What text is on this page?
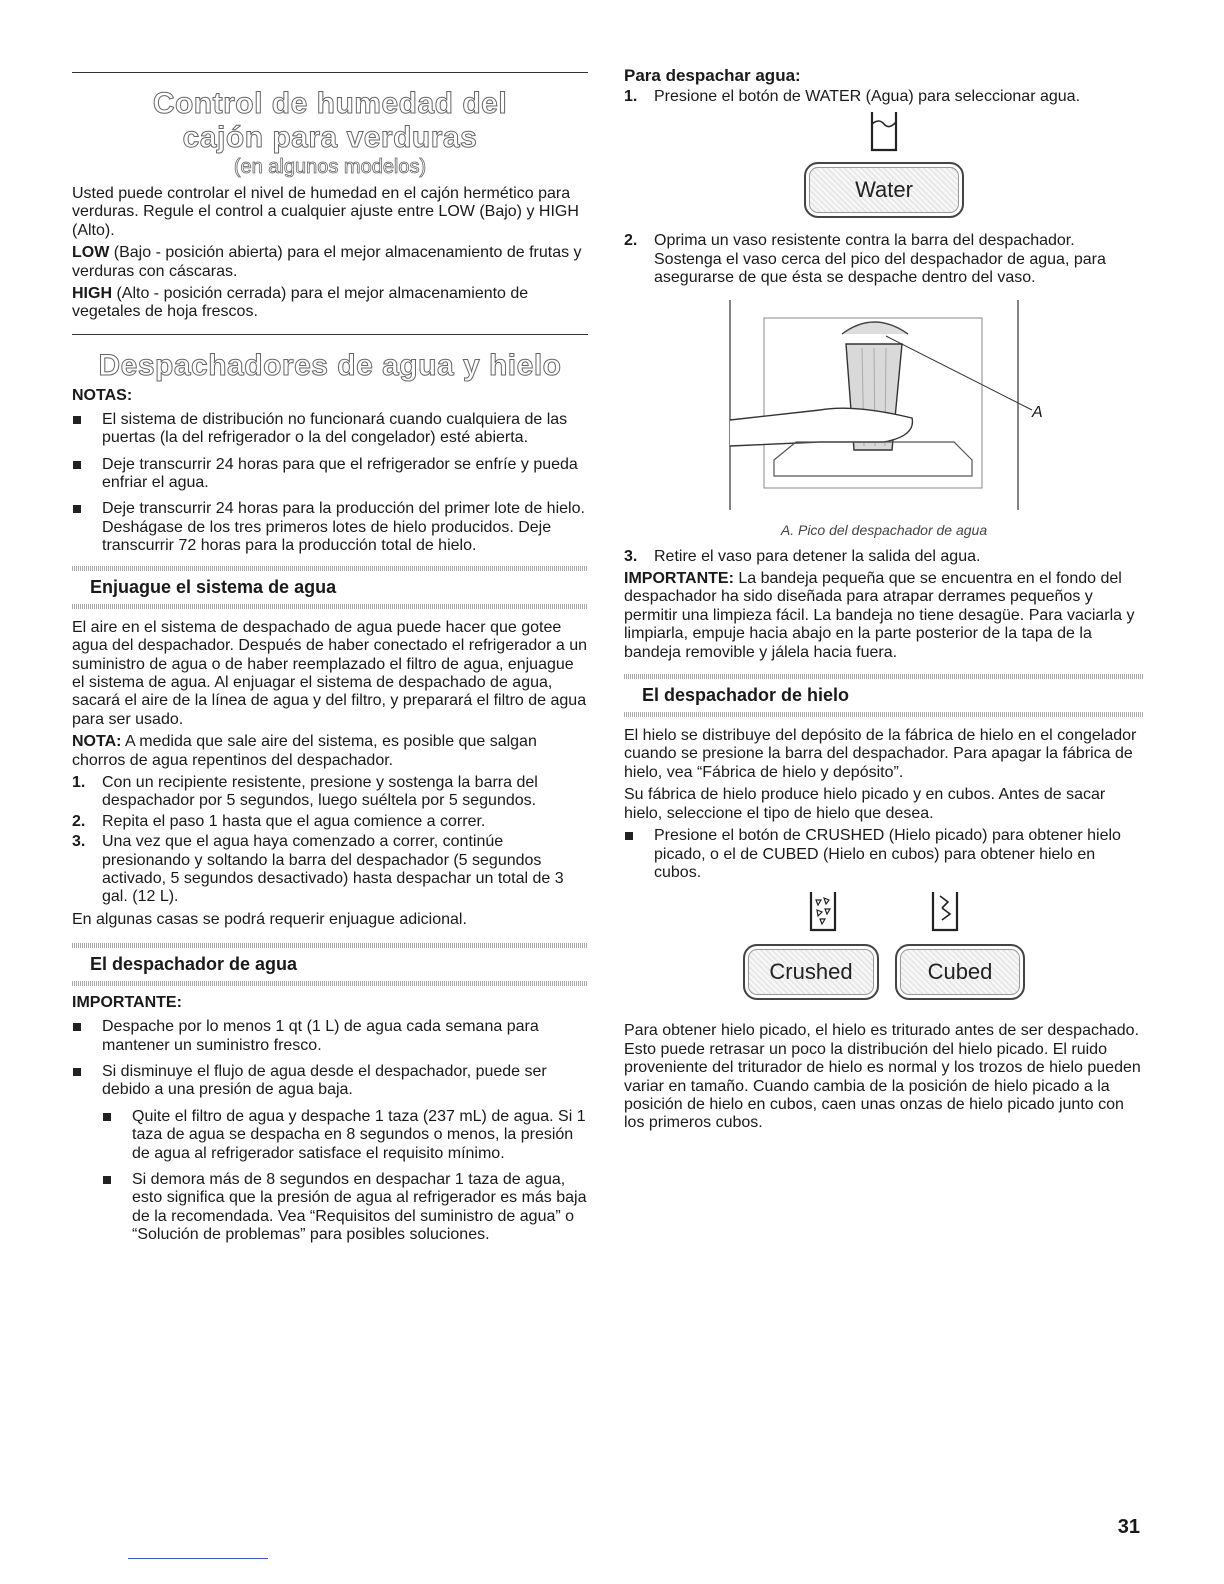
Control de humedad del
cajón para verduras
(en algunos modelos)

Usted puede controlar el nivel de humedad en el cajón hermético para verduras. Regule el control a cualquier ajuste entre LOW (Bajo) y HIGH (Alto).

LOW (Bajo - posición abierta) para el mejor almacenamiento de frutas y verduras con cáscaras.

HIGH (Alto - posición cerrada) para el mejor almacenamiento de vegetales de hoja frescos.

Despachadores de agua y hielo
NOTAS:
El sistema de distribución no funcionará cuando cualquiera de las puertas (la del refrigerador o la del congelador) esté abierta.
Deje transcurrir 24 horas para que el refrigerador se enfríe y pueda enfriar el agua.
Deje transcurrir 24 horas para la producción del primer lote de hielo. Deshágase de los tres primeros lotes de hielo producidos. Deje transcurrir 72 horas para la producción total de hielo.
Enjuague el sistema de agua

El aire en el sistema de despachado de agua puede hacer que gotee agua del despachador. Después de haber conectado el refrigerador a un suministro de agua o de haber reemplazado el filtro de agua, enjuague el sistema de agua. Al enjuagar el sistema de despachado de agua, sacará el aire de la línea de agua y del filtro, y preparará el filtro de agua para ser usado.

NOTA: A medida que sale aire del sistema, es posible que salgan chorros de agua repentinos del despachador.

1. Con un recipiente resistente, presione y sostenga la barra del despachador por 5 segundos, luego suéltela por 5 segundos.
2. Repita el paso 1 hasta que el agua comience a correr.
3. Una vez que el agua haya comenzado a correr, continúe presionando y soltando la barra del despachador (5 segundos activado, 5 segundos desactivado) hasta despachar un total de 3 gal. (12 L).

En algunas casas se podrá requerir enjuague adicional.

El despachador de agua
IMPORTANTE:
Despache por lo menos 1 qt (1 L) de agua cada semana para mantener un suministro fresco.
Si disminuye el flujo de agua desde el despachador, puede ser debido a una presión de agua baja.
Quite el filtro de agua y despache 1 taza (237 mL) de agua. Si 1 taza de agua se despacha en 8 segundos o menos, la presión de agua al refrigerador satisface el requisito mínimo.
Si demora más de 8 segundos en despachar 1 taza de agua, esto significa que la presión de agua al refrigerador es más baja de la recomendada. Vea “Requisitos del suministro de agua” o “Solución de problemas” para posibles soluciones.
Para despachar agua:
1. Presione el botón de WATER (Agua) para seleccionar agua.
Water
2. Oprima un vaso resistente contra la barra del despachador. Sostenga el vaso cerca del pico del despachador de agua, para asegurarse de que ésta se despache dentro del vaso.
A
A. Pico del despachador de agua
3. Retire el vaso para detener la salida del agua.

IMPORTANTE: La bandeja pequeña que se encuentra en el fondo del despachador ha sido diseñada para atrapar derrames pequeños y permitir una limpieza fácil. La bandeja no tiene desagüe. Para vaciarla y limpiarla, empuje hacia abajo en la parte posterior de la tapa de la bandeja removible y jálela hacia fuera.

El despachador de hielo

El hielo se distribuye del depósito de la fábrica de hielo en el congelador cuando se presione la barra del despachador. Para apagar la fábrica de hielo, vea “Fábrica de hielo y depósito”.

Su fábrica de hielo produce hielo picado y en cubos. Antes de sacar hielo, seleccione el tipo de hielo que desea.

Presione el botón de CRUSHED (Hielo picado) para obtener hielo picado, o el de CUBED (Hielo en cubos) para obtener hielo en cubos.
Crushed	Cubed

Para obtener hielo picado, el hielo es triturado antes de ser despachado. Esto puede retrasar un poco la distribución del hielo picado. El ruido proveniente del triturador de hielo es normal y los trozos de hielo pueden variar en tamaño. Cuando cambia de la posición de hielo picado a la posición de hielo en cubos, caen unas onzas de hielo picado junto con los primeros cubos.

31
